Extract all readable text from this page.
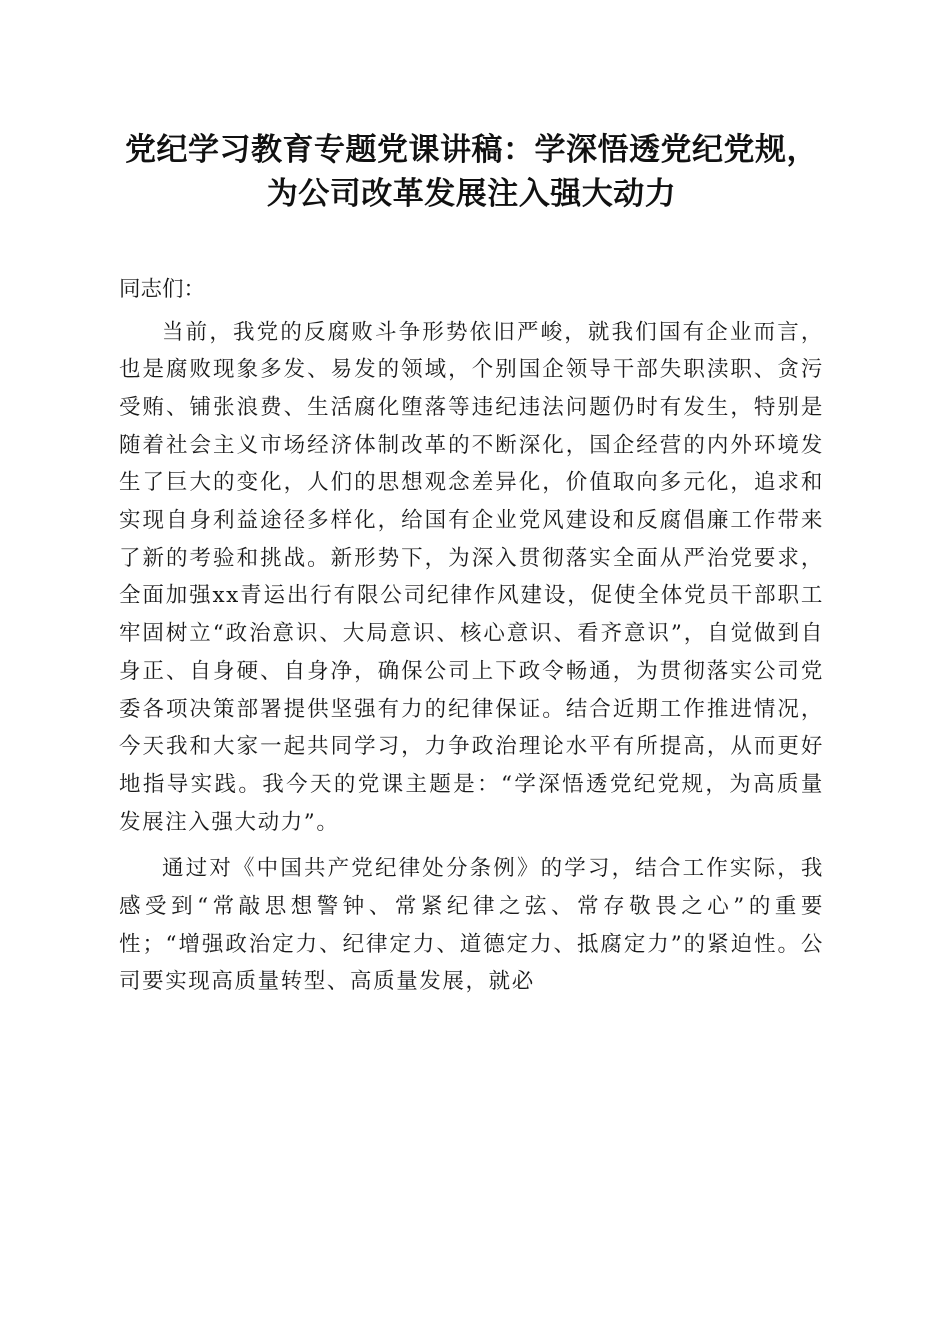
党纪学习教育专题党课讲稿：学深悟透党纪党规，为公司改革发展注入强大动力

同志们：

当前，我党的反腐败斗争形势依旧严峻，就我们国有企业而言，也是腐败现象多发、易发的领域，个别国企领导干部失职渎职、贪污受贿、铺张浪费、生活腐化堕落等违纪违法问题仍时有发生，特别是随着社会主义市场经济体制改革的不断深化，国企经营的内外环境发生了巨大的变化，人们的思想观念差异化，价值取向多元化，追求和实现自身利益途径多样化，给国有企业党风建设和反腐倡廉工作带来了新的考验和挑战。新形势下，为深入贯彻落实全面从严治党要求，全面加强xx青运出行有限公司纪律作风建设，促使全体党员干部职工牢固树立“政治意识、大局意识、核心意识、看齐意识”，自觉做到自身正、自身硬、自身净，确保公司上下政令畅通，为贯彻落实公司党委各项决策部署提供坚强有力的纪律保证。结合近期工作推进情况，今天我和大家一起共同学习，力争政治理论水平有所提高，从而更好地指导实践。我今天的党课主题是：“学深悟透党纪党规，为高质量发展注入强大动力”。

通过对《中国共产党纪律处分条例》的学习，结合工作实际，我感受到“常敲思想警钟、常紧纪律之弦、常存敬畏之心”的重要性；“增强政治定力、纪律定力、道德定力、抵腐定力”的紧迫性。公司要实现高质量转型、高质量发展，就必
